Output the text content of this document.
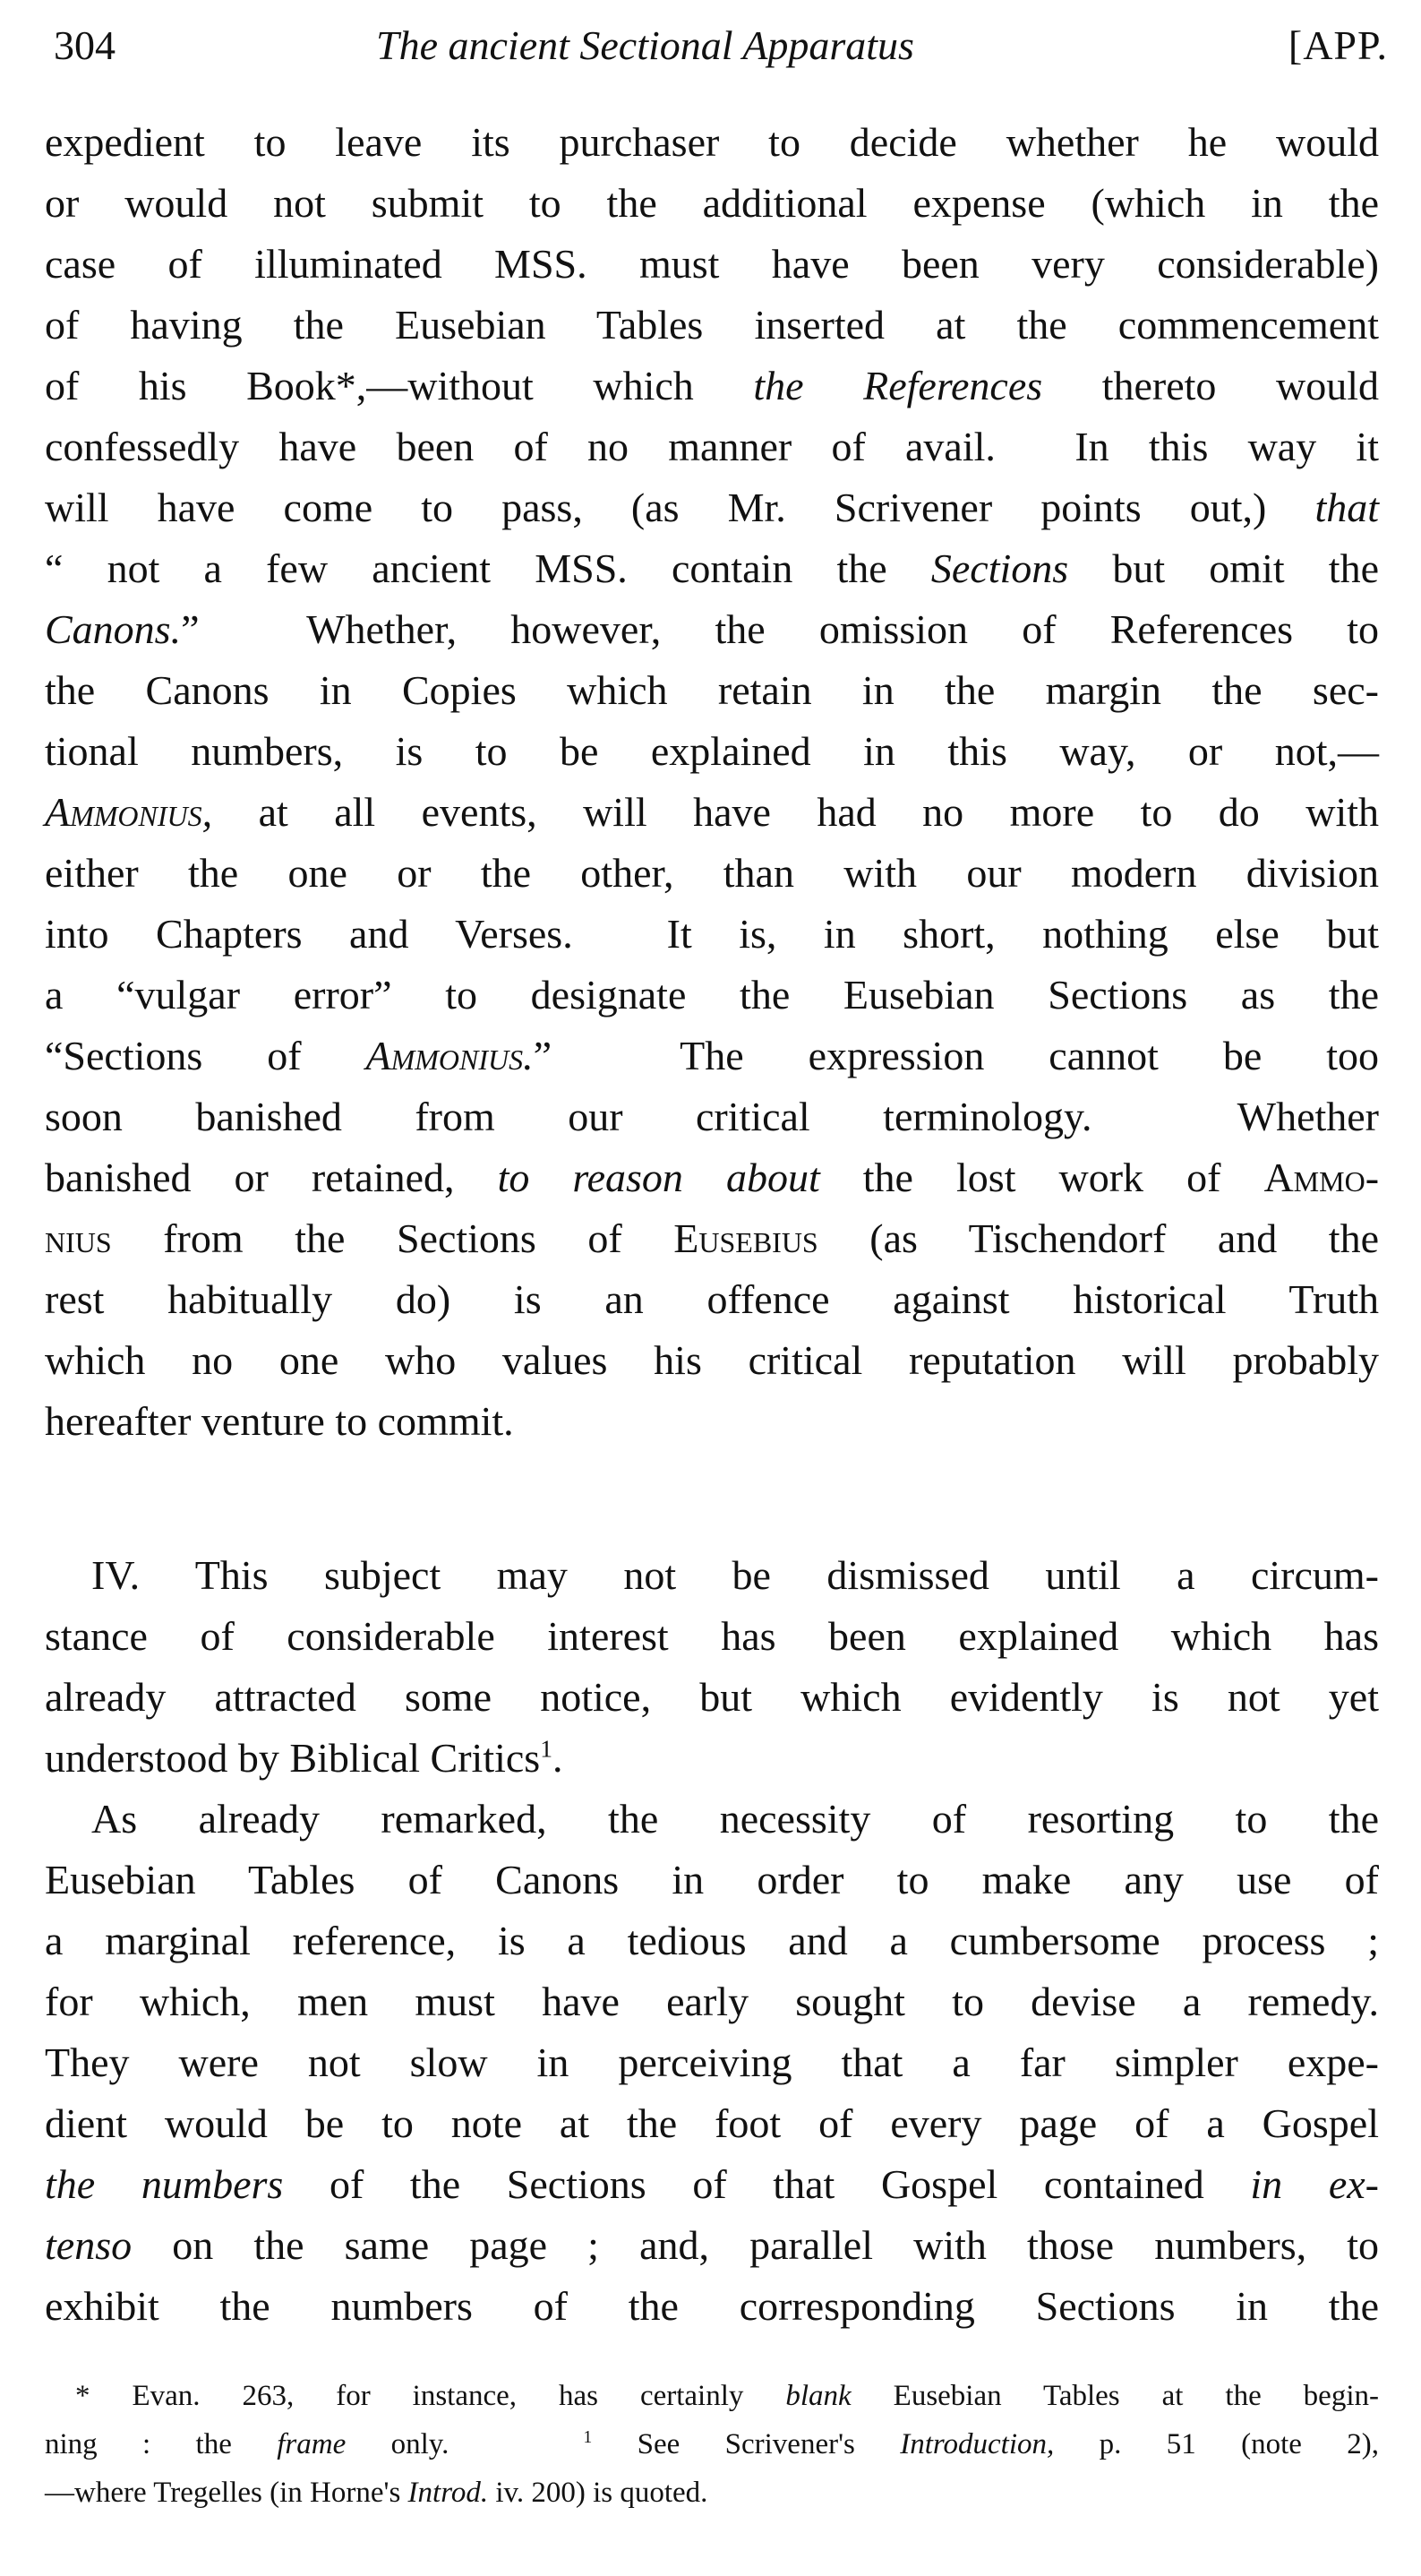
304	The ancient Sectional Apparatus	[APP.
expedient to leave its purchaser to decide whether he would
or would not submit to the additional expense (which in the
case of illuminated MSS. must have been very considerable)
of having the Eusebian Tables inserted at the commencement
of his Book*,—without which the References thereto would
confessedly have been of no manner of avail.  In this way it
will have come to pass, (as Mr. Scrivener points out,) that
“ not a few ancient MSS. contain the Sections but omit the
Canons.”  Whether, however, the omission of References to
the Canons in Copies which retain in the margin the sec-
tional numbers, is to be explained in this way, or not,—
Ammonius, at all events, will have had no more to do with
either the one or the other, than with our modern division
into Chapters and Verses.  It is, in short, nothing else but
a “vulgar error” to designate the Eusebian Sections as the
“Sections of Ammonius.”  The expression cannot be too
soon banished from our critical terminology.  Whether
banished or retained, to reason about the lost work of Ammo-
nius from the Sections of Eusebius (as Tischendorf and the
rest habitually do) is an offence against historical Truth
which no one who values his critical reputation will probably
hereafter venture to commit.
IV. This subject may not be dismissed until a circum-
stance of considerable interest has been explained which has
already attracted some notice, but which evidently is not yet
understood by Biblical Critics$^1$.
As already remarked, the necessity of resorting to the
Eusebian Tables of Canons in order to make any use of
a marginal reference, is a tedious and a cumbersome process ;
for which, men must have early sought to devise a remedy.
They were not slow in perceiving that a far simpler expe-
dient would be to note at the foot of every page of a Gospel
the numbers of the Sections of that Gospel contained in ex-
tenso on the same page ; and, parallel with those numbers, to
exhibit the numbers of the corresponding Sections in the
* Evan. 263, for instance, has certainly blank Eusebian Tables at the begin-
ning : the frame only.	$^1$ See Scrivener's Introduction, p. 51 (note 2),
—where Tregelles (in Horne's Introd. iv. 200) is quoted.
